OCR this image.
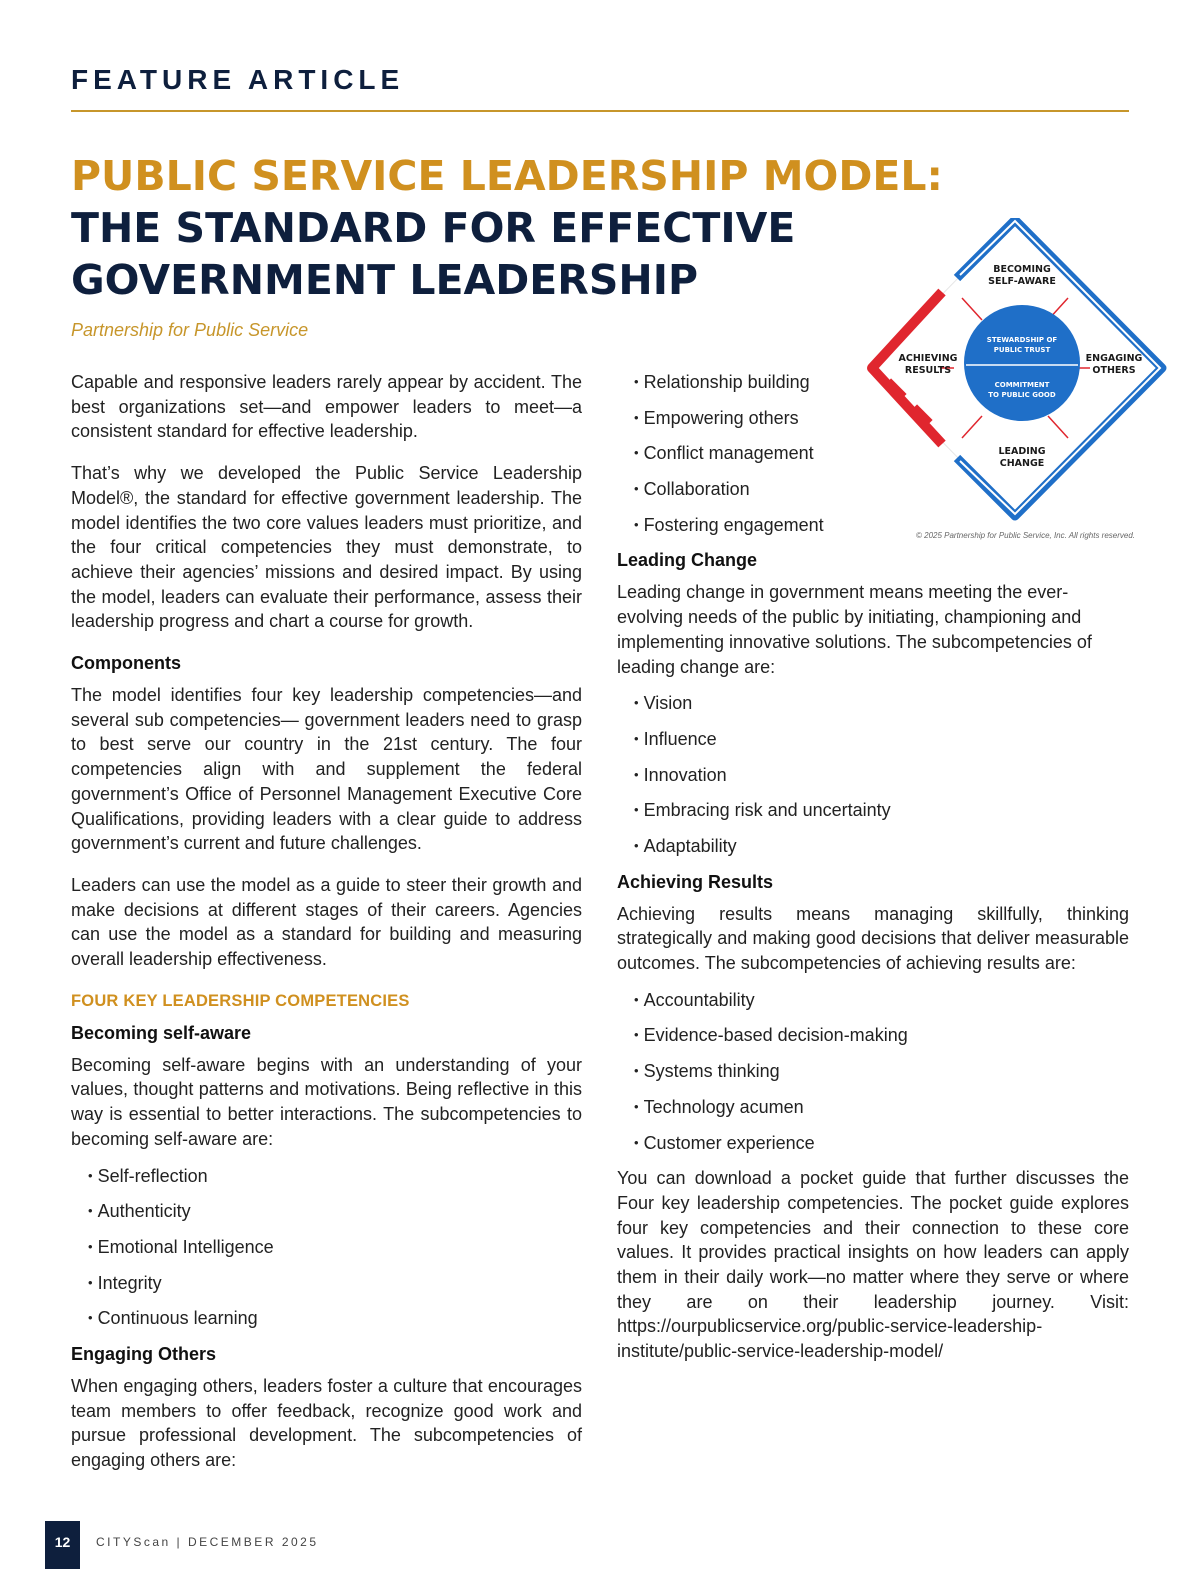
FEATURE ARTICLE
PUBLIC SERVICE LEADERSHIP MODEL:
THE STANDARD FOR EFFECTIVE
GOVERNMENT LEADERSHIP
Partnership for Public Service
BECOMING SELF-AWARE
ACHIEVING RESULTS
ENGAGING OTHERS
LEADING CHANGE
STEWARDSHIP OF PUBLIC TRUST
COMMITMENT TO PUBLIC GOOD
© 2025 Partnership for Public Service, Inc. All rights reserved.

Capable and responsive leaders rarely appear by accident. The best organizations set—and empower leaders to meet—a consistent standard for effective leadership.

That’s why we developed the Public Service Leadership Model®, the standard for effective government leadership. The model identifies the two core values leaders must prioritize, and the four critical competencies they must demonstrate, to achieve their agencies’ missions and desired impact. By using the model, leaders can evaluate their performance, assess their leadership progress and chart a course for growth.

Components

The model identifies four key leadership competencies—and several sub competencies— government leaders need to grasp to best serve our country in the 21st century. The four competencies align with and supplement the federal government’s Office of Personnel Management Executive Core Qualifications, providing leaders with a clear guide to address government’s current and future challenges.

Leaders can use the model as a guide to steer their growth and make decisions at different stages of their careers. Agencies can use the model as a standard for building and measuring overall leadership effectiveness.

FOUR KEY LEADERSHIP COMPETENCIES
Becoming self-aware

Becoming self-aware begins with an understanding of your values, thought patterns and motivations. Being reflective in this way is essential to better interactions. The subcompetencies to becoming self-aware are:

• Self-reflection
• Authenticity
• Emotional Intelligence
• Integrity
• Continuous learning
Engaging Others

When engaging others, leaders foster a culture that encourages team members to offer feedback, recognize good work and pursue professional development. The subcompetencies of engaging others are:

• Relationship building
• Empowering others
• Conflict management
• Collaboration
• Fostering engagement
Leading Change

Leading change in government means meeting the ever-evolving needs of the public by initiating, championing and implementing innovative solutions. The subcompetencies of leading change are:

• Vision
• Influence
• Innovation
• Embracing risk and uncertainty
• Adaptability
Achieving Results

Achieving results means managing skillfully, thinking strategically and making good decisions that deliver measurable outcomes. The subcompetencies of achieving results are:

• Accountability
• Evidence-based decision-making
• Systems thinking
• Technology acumen
• Customer experience

You can download a pocket guide that further discusses the Four key leadership competencies. The pocket guide explores four key competencies and their connection to these core values. It provides practical insights on how leaders can apply them in their daily work—no matter where they serve or where they are on their leadership journey. Visit: https://ourpublicservice.org/public-service-leadership-institute/public-service-leadership-model/

12	CITYScan | DECEMBER 2025
